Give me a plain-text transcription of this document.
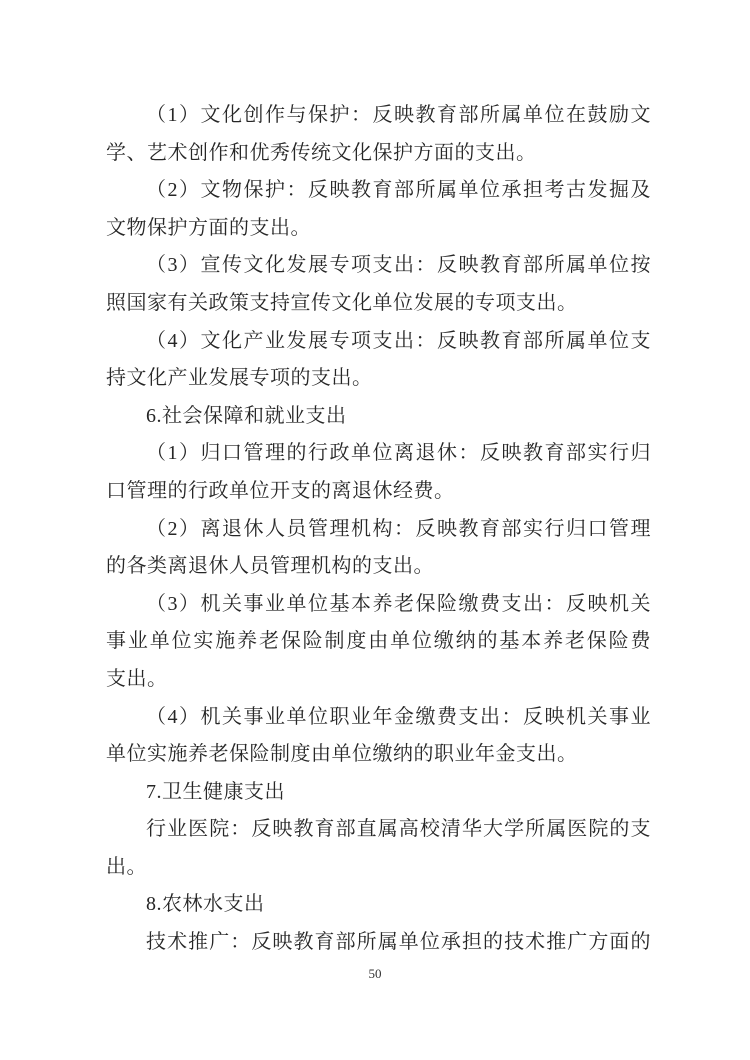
（1）文化创作与保护：反映教育部所属单位在鼓励文
学、艺术创作和优秀传统文化保护方面的支出。
（2）文物保护：反映教育部所属单位承担考古发掘及
文物保护方面的支出。
（3）宣传文化发展专项支出：反映教育部所属单位按
照国家有关政策支持宣传文化单位发展的专项支出。
（4）文化产业发展专项支出：反映教育部所属单位支
持文化产业发展专项的支出。
6.社会保障和就业支出
（1）归口管理的行政单位离退休：反映教育部实行归
口管理的行政单位开支的离退休经费。
（2）离退休人员管理机构：反映教育部实行归口管理
的各类离退休人员管理机构的支出。
（3）机关事业单位基本养老保险缴费支出：反映机关
事业单位实施养老保险制度由单位缴纳的基本养老保险费
支出。
（4）机关事业单位职业年金缴费支出：反映机关事业
单位实施养老保险制度由单位缴纳的职业年金支出。
7.卫生健康支出
行业医院：反映教育部直属高校清华大学所属医院的支
出。
8.农林水支出
技术推广：反映教育部所属单位承担的技术推广方面的
50
